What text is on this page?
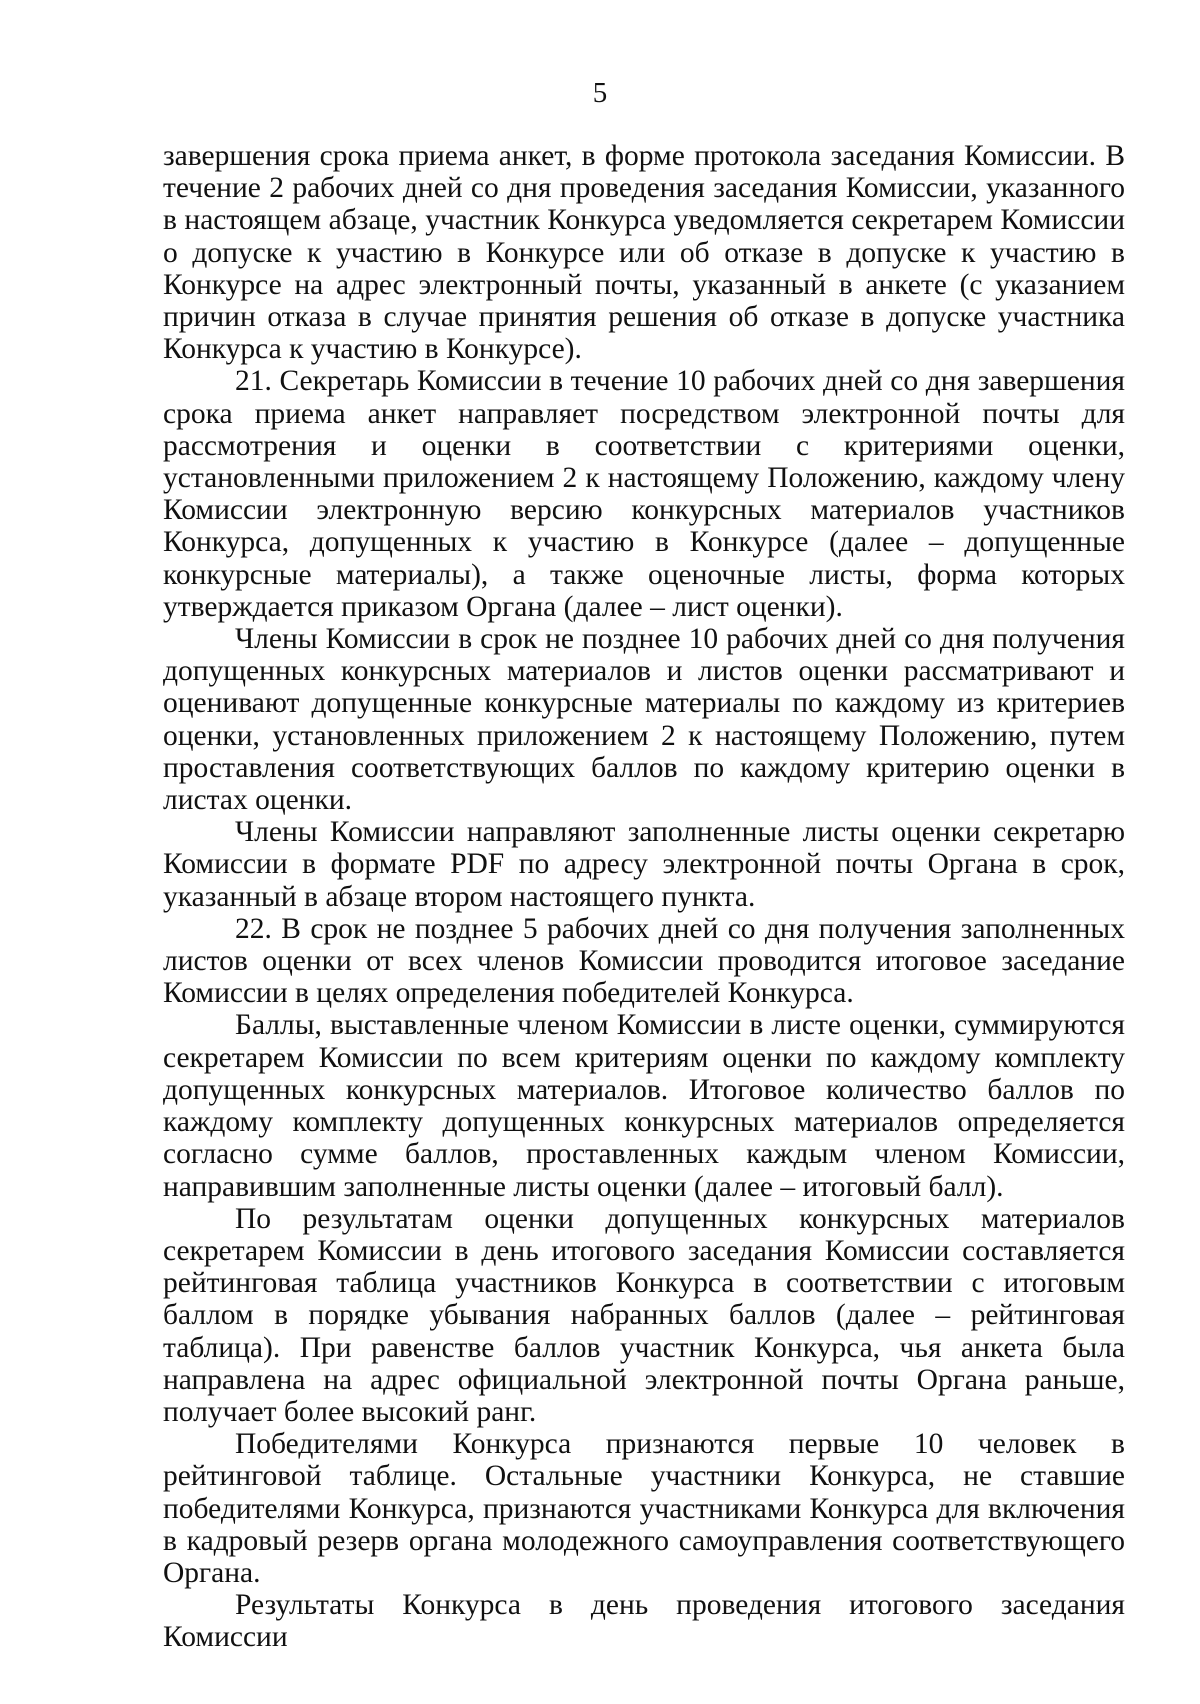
5

завершения срока приема анкет, в форме протокола заседания Комиссии. В течение 2 рабочих дней со дня проведения заседания Комиссии, указанного в настоящем абзаце, участник Конкурса уведомляется секретарем Комиссии о допуске к участию в Конкурсе или об отказе в допуске к участию в Конкурсе на адрес электронный почты, указанный в анкете (с указанием причин отказа в случае принятия решения об отказе в допуске участника Конкурса к участию в Конкурсе).

21. Секретарь Комиссии в течение 10 рабочих дней со дня завершения срока приема анкет направляет посредством электронной почты для рассмотрения и оценки в соответствии с критериями оценки, установленными приложением 2 к настоящему Положению, каждому члену Комиссии электронную версию конкурсных материалов участников Конкурса, допущенных к участию в Конкурсе (далее – допущенные конкурсные материалы), а также оценочные листы, форма которых утверждается приказом Органа (далее – лист оценки).

Члены Комиссии в срок не позднее 10 рабочих дней со дня получения допущенных конкурсных материалов и листов оценки рассматривают и оценивают допущенные конкурсные материалы по каждому из критериев оценки, установленных приложением 2 к настоящему Положению, путем проставления соответствующих баллов по каждому критерию оценки в листах оценки.

Члены Комиссии направляют заполненные листы оценки секретарю Комиссии в формате PDF по адресу электронной почты Органа в срок, указанный в абзаце втором настоящего пункта.

22. В срок не позднее 5 рабочих дней со дня получения заполненных листов оценки от всех членов Комиссии проводится итоговое заседание Комиссии в целях определения победителей Конкурса.

Баллы, выставленные членом Комиссии в листе оценки, суммируются секретарем Комиссии по всем критериям оценки по каждому комплекту допущенных конкурсных материалов. Итоговое количество баллов по каждому комплекту допущенных конкурсных материалов определяется согласно сумме баллов, проставленных каждым членом Комиссии, направившим заполненные листы оценки (далее – итоговый балл).

По результатам оценки допущенных конкурсных материалов секретарем Комиссии в день итогового заседания Комиссии составляется рейтинговая таблица участников Конкурса в соответствии с итоговым баллом в порядке убывания набранных баллов (далее – рейтинговая таблица). При равенстве баллов участник Конкурса, чья анкета была направлена на адрес официальной электронной почты Органа раньше, получает более высокий ранг.

Победителями Конкурса признаются первые 10 человек в рейтинговой таблице. Остальные участники Конкурса, не ставшие победителями Конкурса, признаются участниками Конкурса для включения в кадровый резерв органа молодежного самоуправления соответствующего Органа.

Результаты Конкурса в день проведения итогового заседания Комиссии
